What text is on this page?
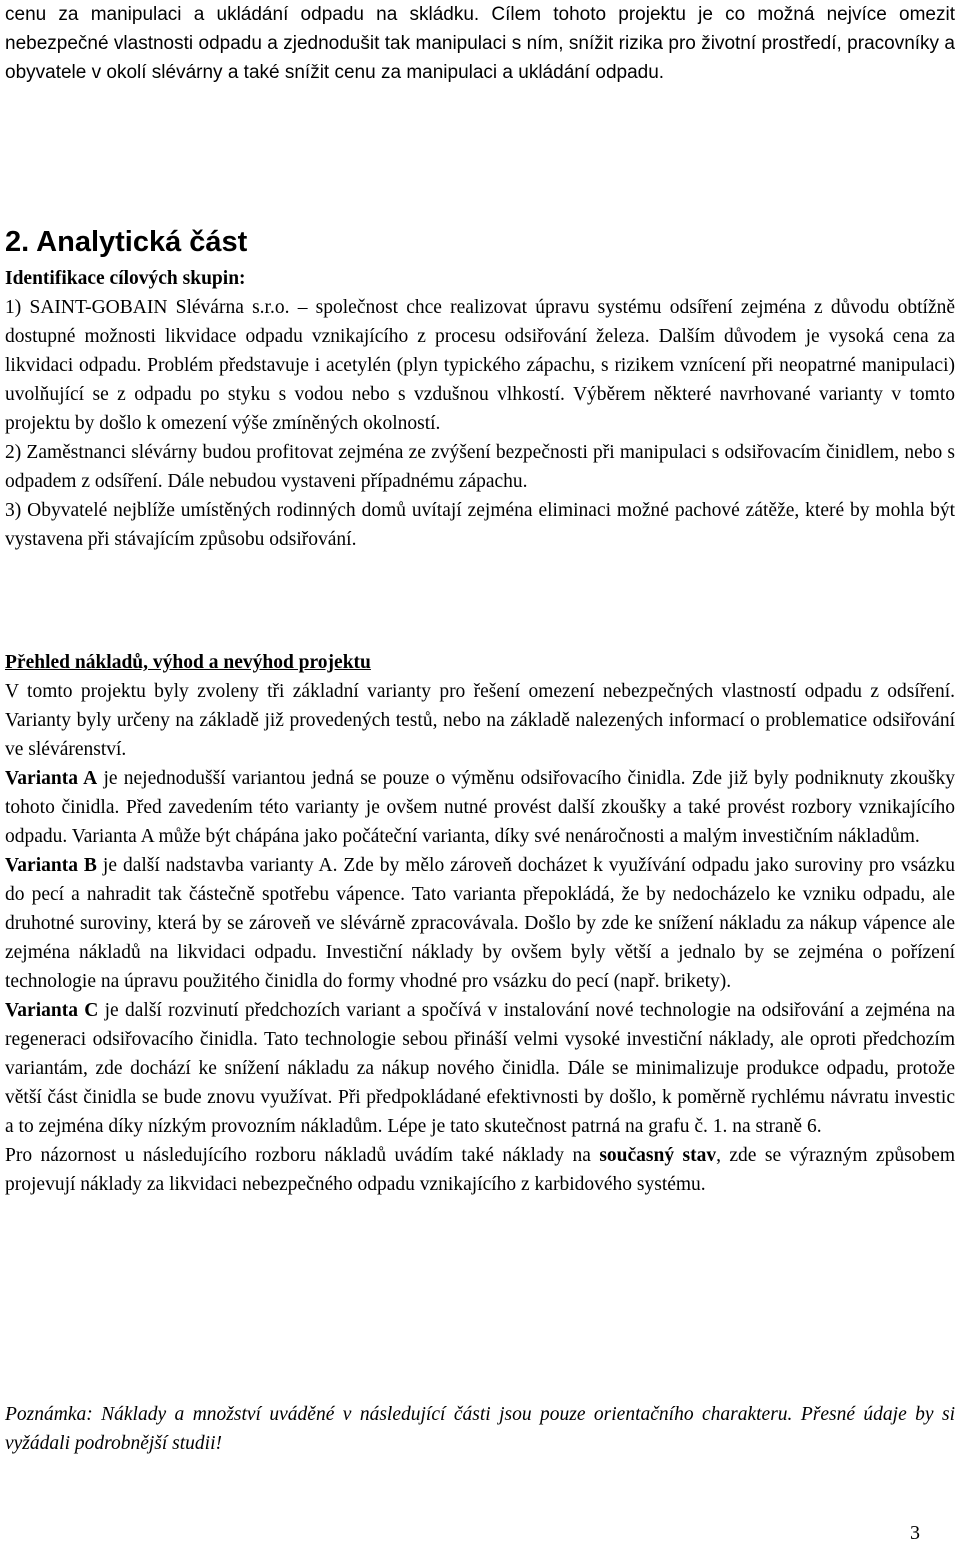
cenu za manipulaci a ukládání odpadu na skládku. Cílem tohoto projektu je co možná nejvíce omezit nebezpečné vlastnosti odpadu a zjednodušit tak manipulaci s ním, snížit rizika pro životní prostředí, pracovníky a obyvatele v okolí slévárny a také snížit cenu za manipulaci a ukládání odpadu.

2. Analytická část

Identifikace cílových skupin:

1) SAINT-GOBAIN Slévárna s.r.o. – společnost chce realizovat úpravu systému odsíření zejména z důvodu obtížně dostupné možnosti likvidace odpadu vznikajícího z procesu odsiřování železa. Dalším důvodem je vysoká cena za likvidaci odpadu. Problém představuje i acetylén (plyn typického zápachu, s rizikem vznícení při neopatrné manipulaci) uvolňující se z odpadu po styku s vodou nebo s vzdušnou vlhkostí. Výběrem některé navrhované varianty v tomto projektu by došlo k omezení výše zmíněných okolností.

2) Zaměstnanci slévárny budou profitovat zejména ze zvýšení bezpečnosti při manipulaci s odsiřovacím činidlem, nebo s odpadem z odsíření. Dále nebudou vystaveni případnému zápachu.

3) Obyvatelé nejblíže umístěných rodinných domů uvítají zejména eliminaci možné pachové zátěže, které by mohla být vystavena při stávajícím způsobu odsiřování.

Přehled nákladů, výhod a nevýhod projektu

V tomto projektu byly zvoleny tři základní varianty pro řešení omezení nebezpečných vlastností odpadu z odsíření. Varianty byly určeny na základě již provedených testů, nebo na základě nalezených informací o problematice odsiřování ve slévárenství.

Varianta A je nejednodušší variantou jedná se pouze o výměnu odsiřovacího činidla. Zde již byly podniknuty zkoušky tohoto činidla. Před zavedením této varianty je ovšem nutné provést další zkoušky a také provést rozbory vznikajícího odpadu. Varianta A může být chápána jako počáteční varianta, díky své nenáročnosti a malým investičním nákladům.

Varianta B je další nadstavba varianty A. Zde by mělo zároveň docházet k využívání odpadu jako suroviny pro vsázku do pecí a nahradit tak částečně spotřebu vápence. Tato varianta přepokládá, že by nedocházelo ke vzniku odpadu, ale druhotné suroviny, která by se zároveň ve slévárně zpracovávala. Došlo by zde ke snížení nákladu za nákup vápence ale zejména nákladů na likvidaci odpadu. Investiční náklady by ovšem byly větší a jednalo by se zejména o pořízení technologie na úpravu použitého činidla do formy vhodné pro vsázku do pecí (např. brikety).

Varianta C je další rozvinutí předchozích variant a spočívá v instalování nové technologie na odsiřování a zejména na regeneraci odsiřovacího činidla. Tato technologie sebou přináší velmi vysoké investiční náklady, ale oproti předchozím variantám, zde dochází ke snížení nákladu za nákup nového činidla. Dále se minimalizuje produkce odpadu, protože větší část činidla se bude znovu využívat. Při předpokládané efektivnosti by došlo, k poměrně rychlému návratu investic a to zejména díky nízkým provozním nákladům. Lépe je tato skutečnost patrná na grafu č. 1. na straně 6.

Pro názornost u následujícího rozboru nákladů uvádím také náklady na současný stav, zde se výrazným způsobem projevují náklady za likvidaci nebezpečného odpadu vznikajícího z karbidového systému.

Poznámka: Náklady a množství uváděné v následující části jsou pouze orientačního charakteru. Přesné údaje by si vyžádali podrobnější studii!
3
